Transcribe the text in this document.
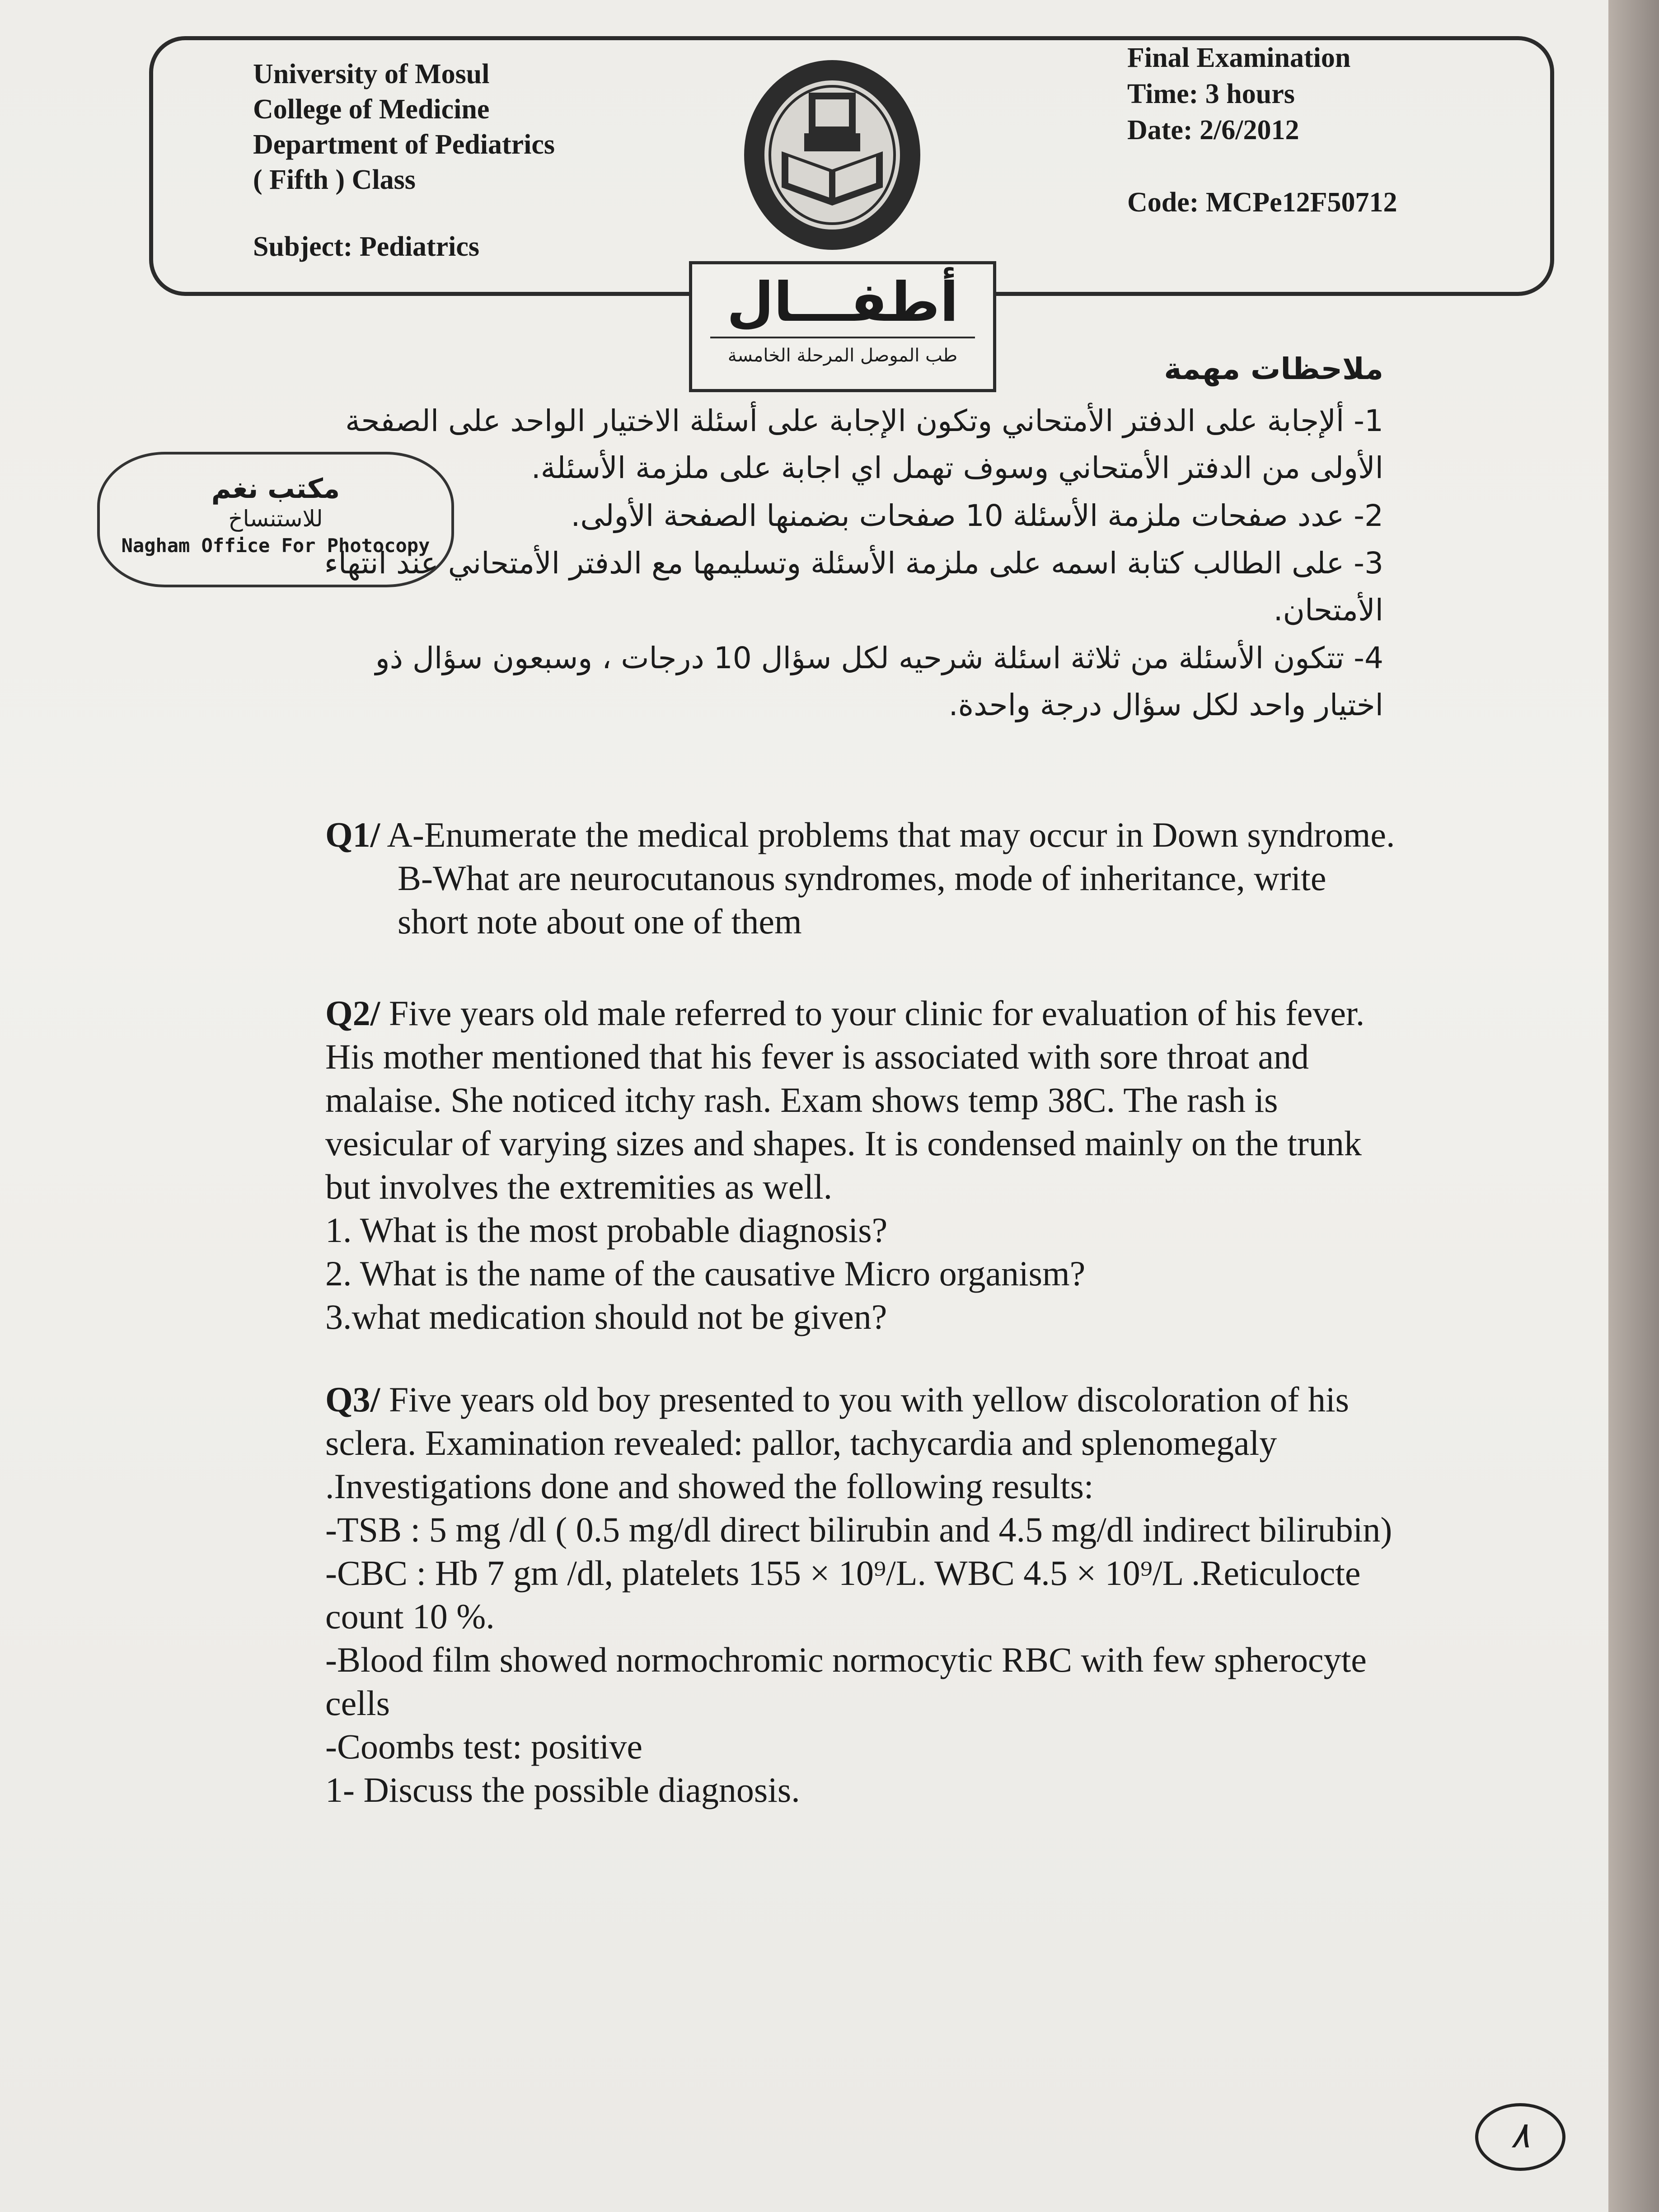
University of Mosul
College of Medicine
Department of Pediatrics
( Fifth ) Class
Subject: Pediatrics
Final Examination
Time: 3 hours
Date: 2/6/2012
Code: MCPe12F50712
أطفـــال
طب الموصل المرحلة الخامسة	ملاحظات مهمة
1- ألإجابة على الدفتر الأمتحاني وتكون الإجابة على أسئلة الاختيار الواحد على الصفحة الأولى من الدفتر الأمتحاني وسوف تهمل اي اجابة على ملزمة الأسئلة.
2- عدد صفحات ملزمة الأسئلة 10 صفحات بضمنها الصفحة الأولى.
3- على الطالب كتابة اسمه على ملزمة الأسئلة وتسليمها مع الدفتر الأمتحاني عند انتهاء الأمتحان.
4- تتكون الأسئلة من ثلاثة اسئلة شرحيه لكل سؤال 10 درجات ، وسبعون سؤال ذو اختيار واحد لكل سؤال درجة واحدة.
مكتب نغم
للاستنساخ
Nagham Office For Photocopy
Q1/ A-Enumerate the medical problems that may occur in Down syndrome.
B-What are neurocutanous syndromes, mode of inheritance, write short note about one of them
Q2/ Five years old male referred to your clinic for evaluation of his fever. His mother mentioned that his fever is associated with sore throat and malaise. She noticed itchy rash. Exam shows temp 38C. The rash is vesicular of varying sizes and shapes. It is condensed mainly on the trunk but involves the extremities as well.
1. What is the most probable diagnosis?
2. What is the name of the causative Micro organism?
3.what medication should not be given?
Q3/ Five years old boy presented to you with yellow discoloration of his sclera. Examination revealed: pallor, tachycardia and splenomegaly .Investigations done and showed the following results:
-TSB : 5 mg /dl ( 0.5 mg/dl direct bilirubin and 4.5 mg/dl indirect bilirubin)
-CBC : Hb 7 gm /dl, platelets 155 × 10⁹/L. WBC 4.5 × 10⁹/L .Reticulocte count 10 %.
-Blood film showed normochromic normocytic RBC with few spherocyte cells
-Coombs test: positive
1- Discuss the possible diagnosis.
٨
